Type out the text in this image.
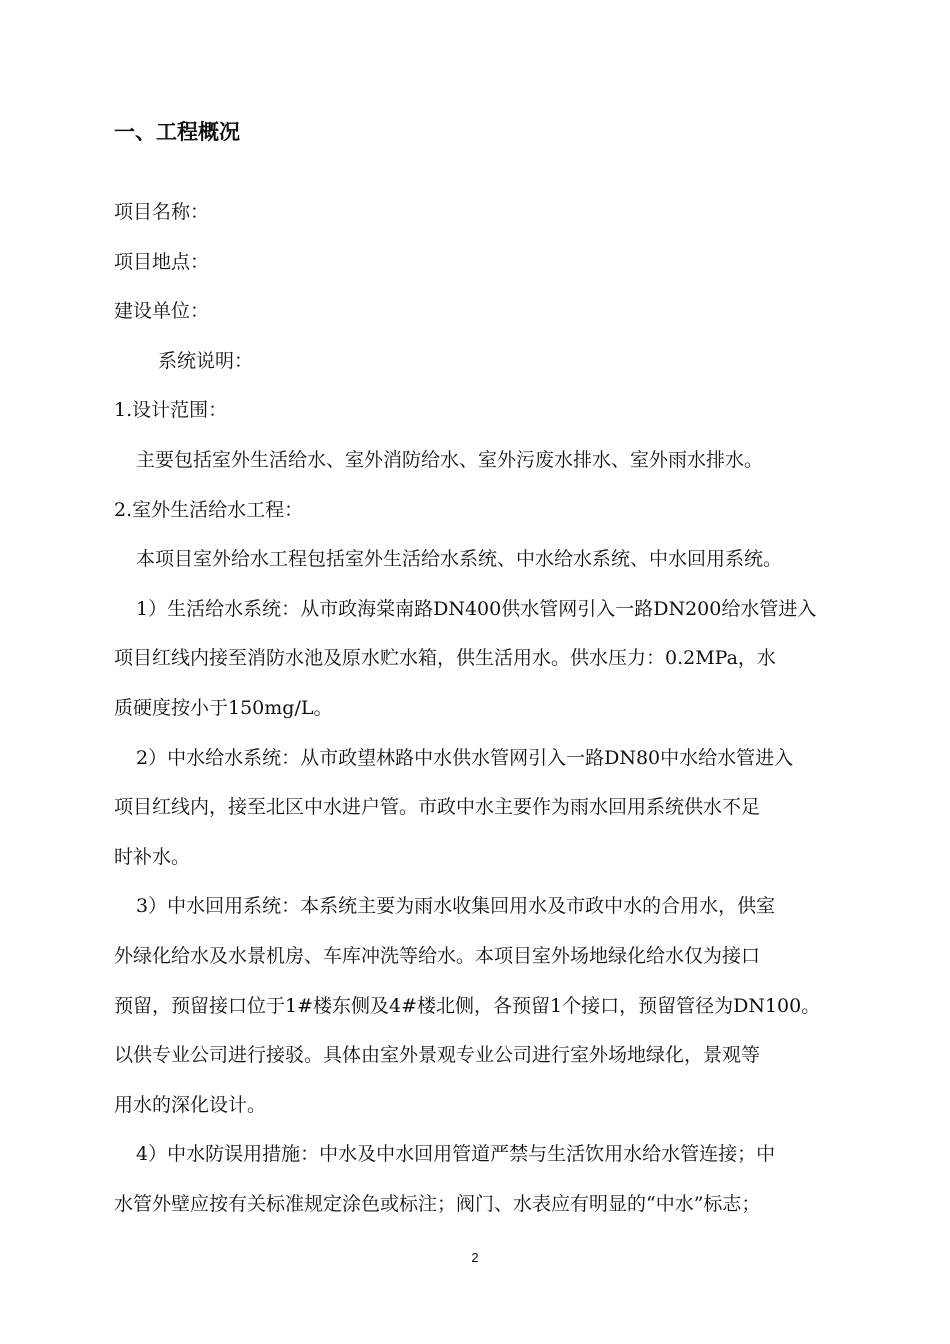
一、工程概况
项目名称：
项目地点：
建设单位：
系统说明：
1.设计范围：
主要包括室外生活给水、室外消防给水、室外污废水排水、室外雨水排水。
2.室外生活给水工程：
本项目室外给水工程包括室外生活给水系统、中水给水系统、中水回用系统。
1）生活给水系统：从市政海棠南路DN400供水管网引入一路DN200给水管进入
项目红线内接至消防水池及原水贮水箱，供生活用水。供水压力：0.2MPa，水
质硬度按小于150mg/L。
2）中水给水系统：从市政望林路中水供水管网引入一路DN80中水给水管进入
项目红线内，接至北区中水进户管。市政中水主要作为雨水回用系统供水不足
时补水。
3）中水回用系统：本系统主要为雨水收集回用水及市政中水的合用水，供室
外绿化给水及水景机房、车库冲洗等给水。本项目室外场地绿化给水仅为接口
预留，预留接口位于1#楼东侧及4#楼北侧，各预留1个接口，预留管径为DN100。
以供专业公司进行接驳。具体由室外景观专业公司进行室外场地绿化，景观等
用水的深化设计。
4）中水防误用措施：中水及中水回用管道严禁与生活饮用水给水管连接；中
水管外壁应按有关标准规定涂色或标注；阀门、水表应有明显的“中水”标志；
2
